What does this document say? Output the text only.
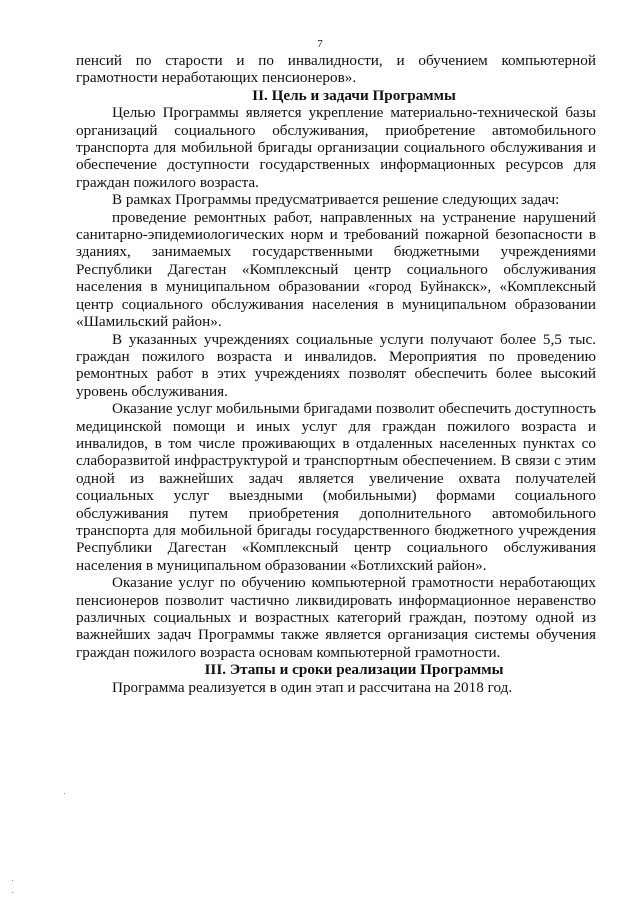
7

пенсий по старости и по инвалидности, и обучением компьютерной грамотности неработающих пенсионеров».

II. Цель и задачи Программы

Целью Программы является укрепление материально-технической базы организаций социального обслуживания, приобретение автомобильного транспорта для мобильной бригады организации социального обслуживания и обеспечение доступности государственных информационных ресурсов для граждан пожилого возраста.

В рамках Программы предусматривается решение следующих задач:

проведение ремонтных работ, направленных на устранение нарушений санитарно-эпидемиологических норм и требований пожарной безопасности в зданиях, занимаемых государственными бюджетными учреждениями Республики Дагестан «Комплексный центр социального обслуживания населения в муниципальном образовании «город Буйнакск», «Комплексный центр социального обслуживания населения в муниципальном образовании «Шамильский район».

В указанных учреждениях социальные услуги получают более 5,5 тыс. граждан пожилого возраста и инвалидов. Мероприятия по проведению ремонтных работ в этих учреждениях позволят обеспечить более высокий уровень обслуживания.

Оказание услуг мобильными бригадами позволит обеспечить доступность медицинской помощи и иных услуг для граждан пожилого возраста и инвалидов, в том числе проживающих в отдаленных населенных пунктах со слаборазвитой инфраструктурой и транспортным обеспечением. В связи с этим одной из важнейших задач является увеличение охвата получателей социальных услуг выездными (мобильными) формами социального обслуживания путем приобретения дополнительного автомобильного транспорта для мобильной бригады государственного бюджетного учреждения Республики Дагестан «Комплексный центр социального обслуживания населения в муниципальном образовании «Ботлихский район».

Оказание услуг по обучению компьютерной грамотности неработающих пенсионеров позволит частично ликвидировать информационное неравенство различных социальных и возрастных категорий граждан, поэтому одной из важнейших задач Программы также является организация системы обучения граждан пожилого возраста основам компьютерной грамотности.

III. Этапы и сроки реализации Программы

Программа реализуется в один этап и рассчитана на 2018 год.
